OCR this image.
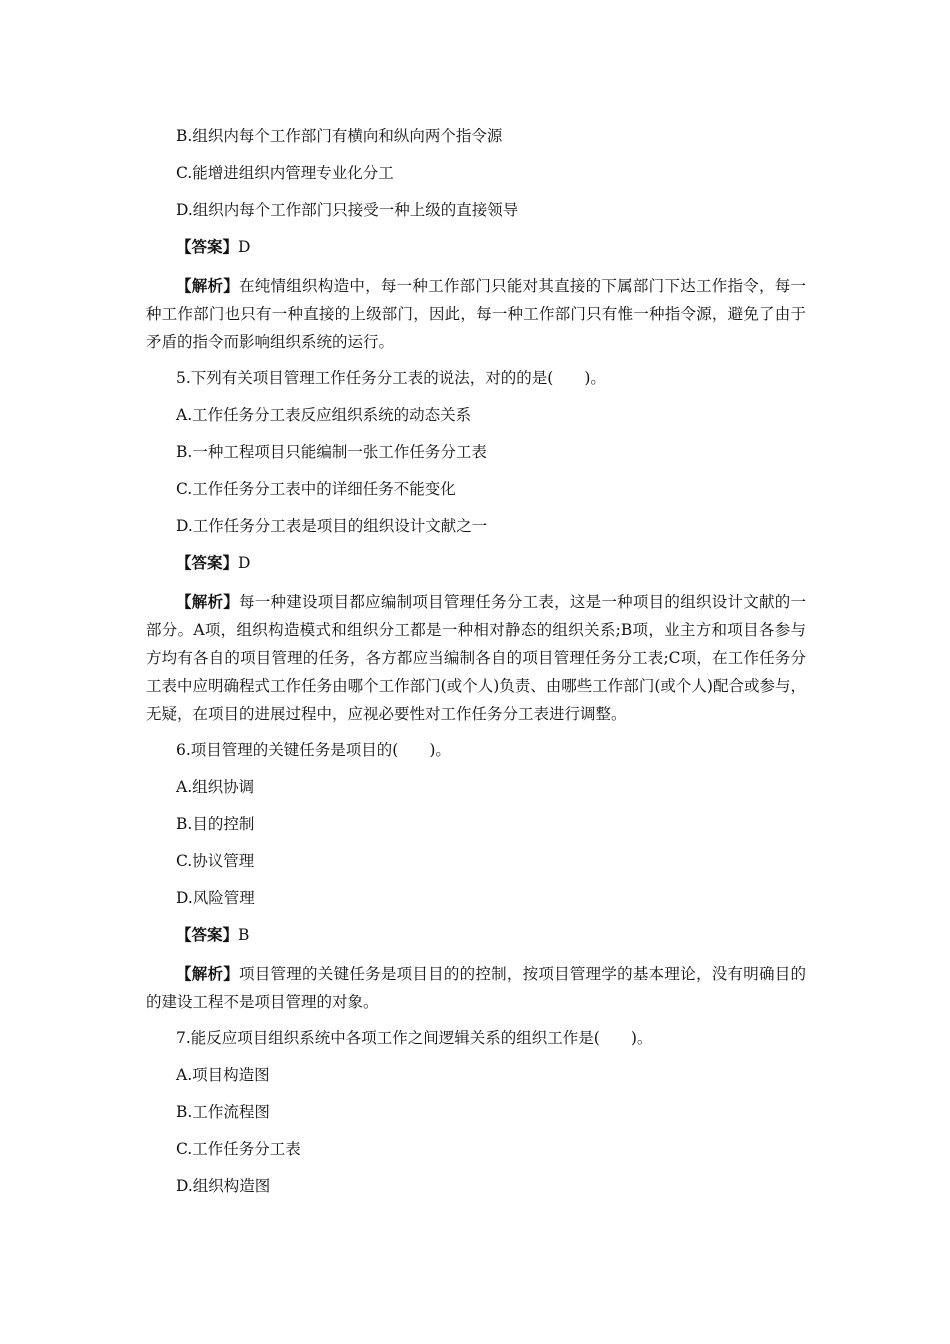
B.组织内每个工作部门有横向和纵向两个指令源
C.能增进组织内管理专业化分工
D.组织内每个工作部门只接受一种上级的直接领导
【答案】D
【解析】在纯情组织构造中，每一种工作部门只能对其直接的下属部门下达工作指令，每一种工作部门也只有一种直接的上级部门，因此，每一种工作部门只有惟一种指令源，避免了由于矛盾的指令而影响组织系统的运行。
5.下列有关项目管理工作任务分工表的说法，对的的是(　　)。
A.工作任务分工表反应组织系统的动态关系
B.一种工程项目只能编制一张工作任务分工表
C.工作任务分工表中的详细任务不能变化
D.工作任务分工表是项目的组织设计文献之一
【答案】D
【解析】每一种建设项目都应编制项目管理任务分工表，这是一种项目的组织设计文献的一部分。A项，组织构造模式和组织分工都是一种相对静态的组织关系;B项，业主方和项目各参与方均有各自的项目管理的任务，各方都应当编制各自的项目管理任务分工表;C项，在工作任务分工表中应明确程式工作任务由哪个工作部门(或个人)负责、由哪些工作部门(或个人)配合或参与，无疑，在项目的进展过程中，应视必要性对工作任务分工表进行调整。
6.项目管理的关键任务是项目的(　　)。
A.组织协调
B.目的控制
C.协议管理
D.风险管理
【答案】B
【解析】项目管理的关键任务是项目目的的控制，按项目管理学的基本理论，没有明确目的的建设工程不是项目管理的对象。
7.能反应项目组织系统中各项工作之间逻辑关系的组织工作是(　　)。
A.项目构造图
B.工作流程图
C.工作任务分工表
D.组织构造图
